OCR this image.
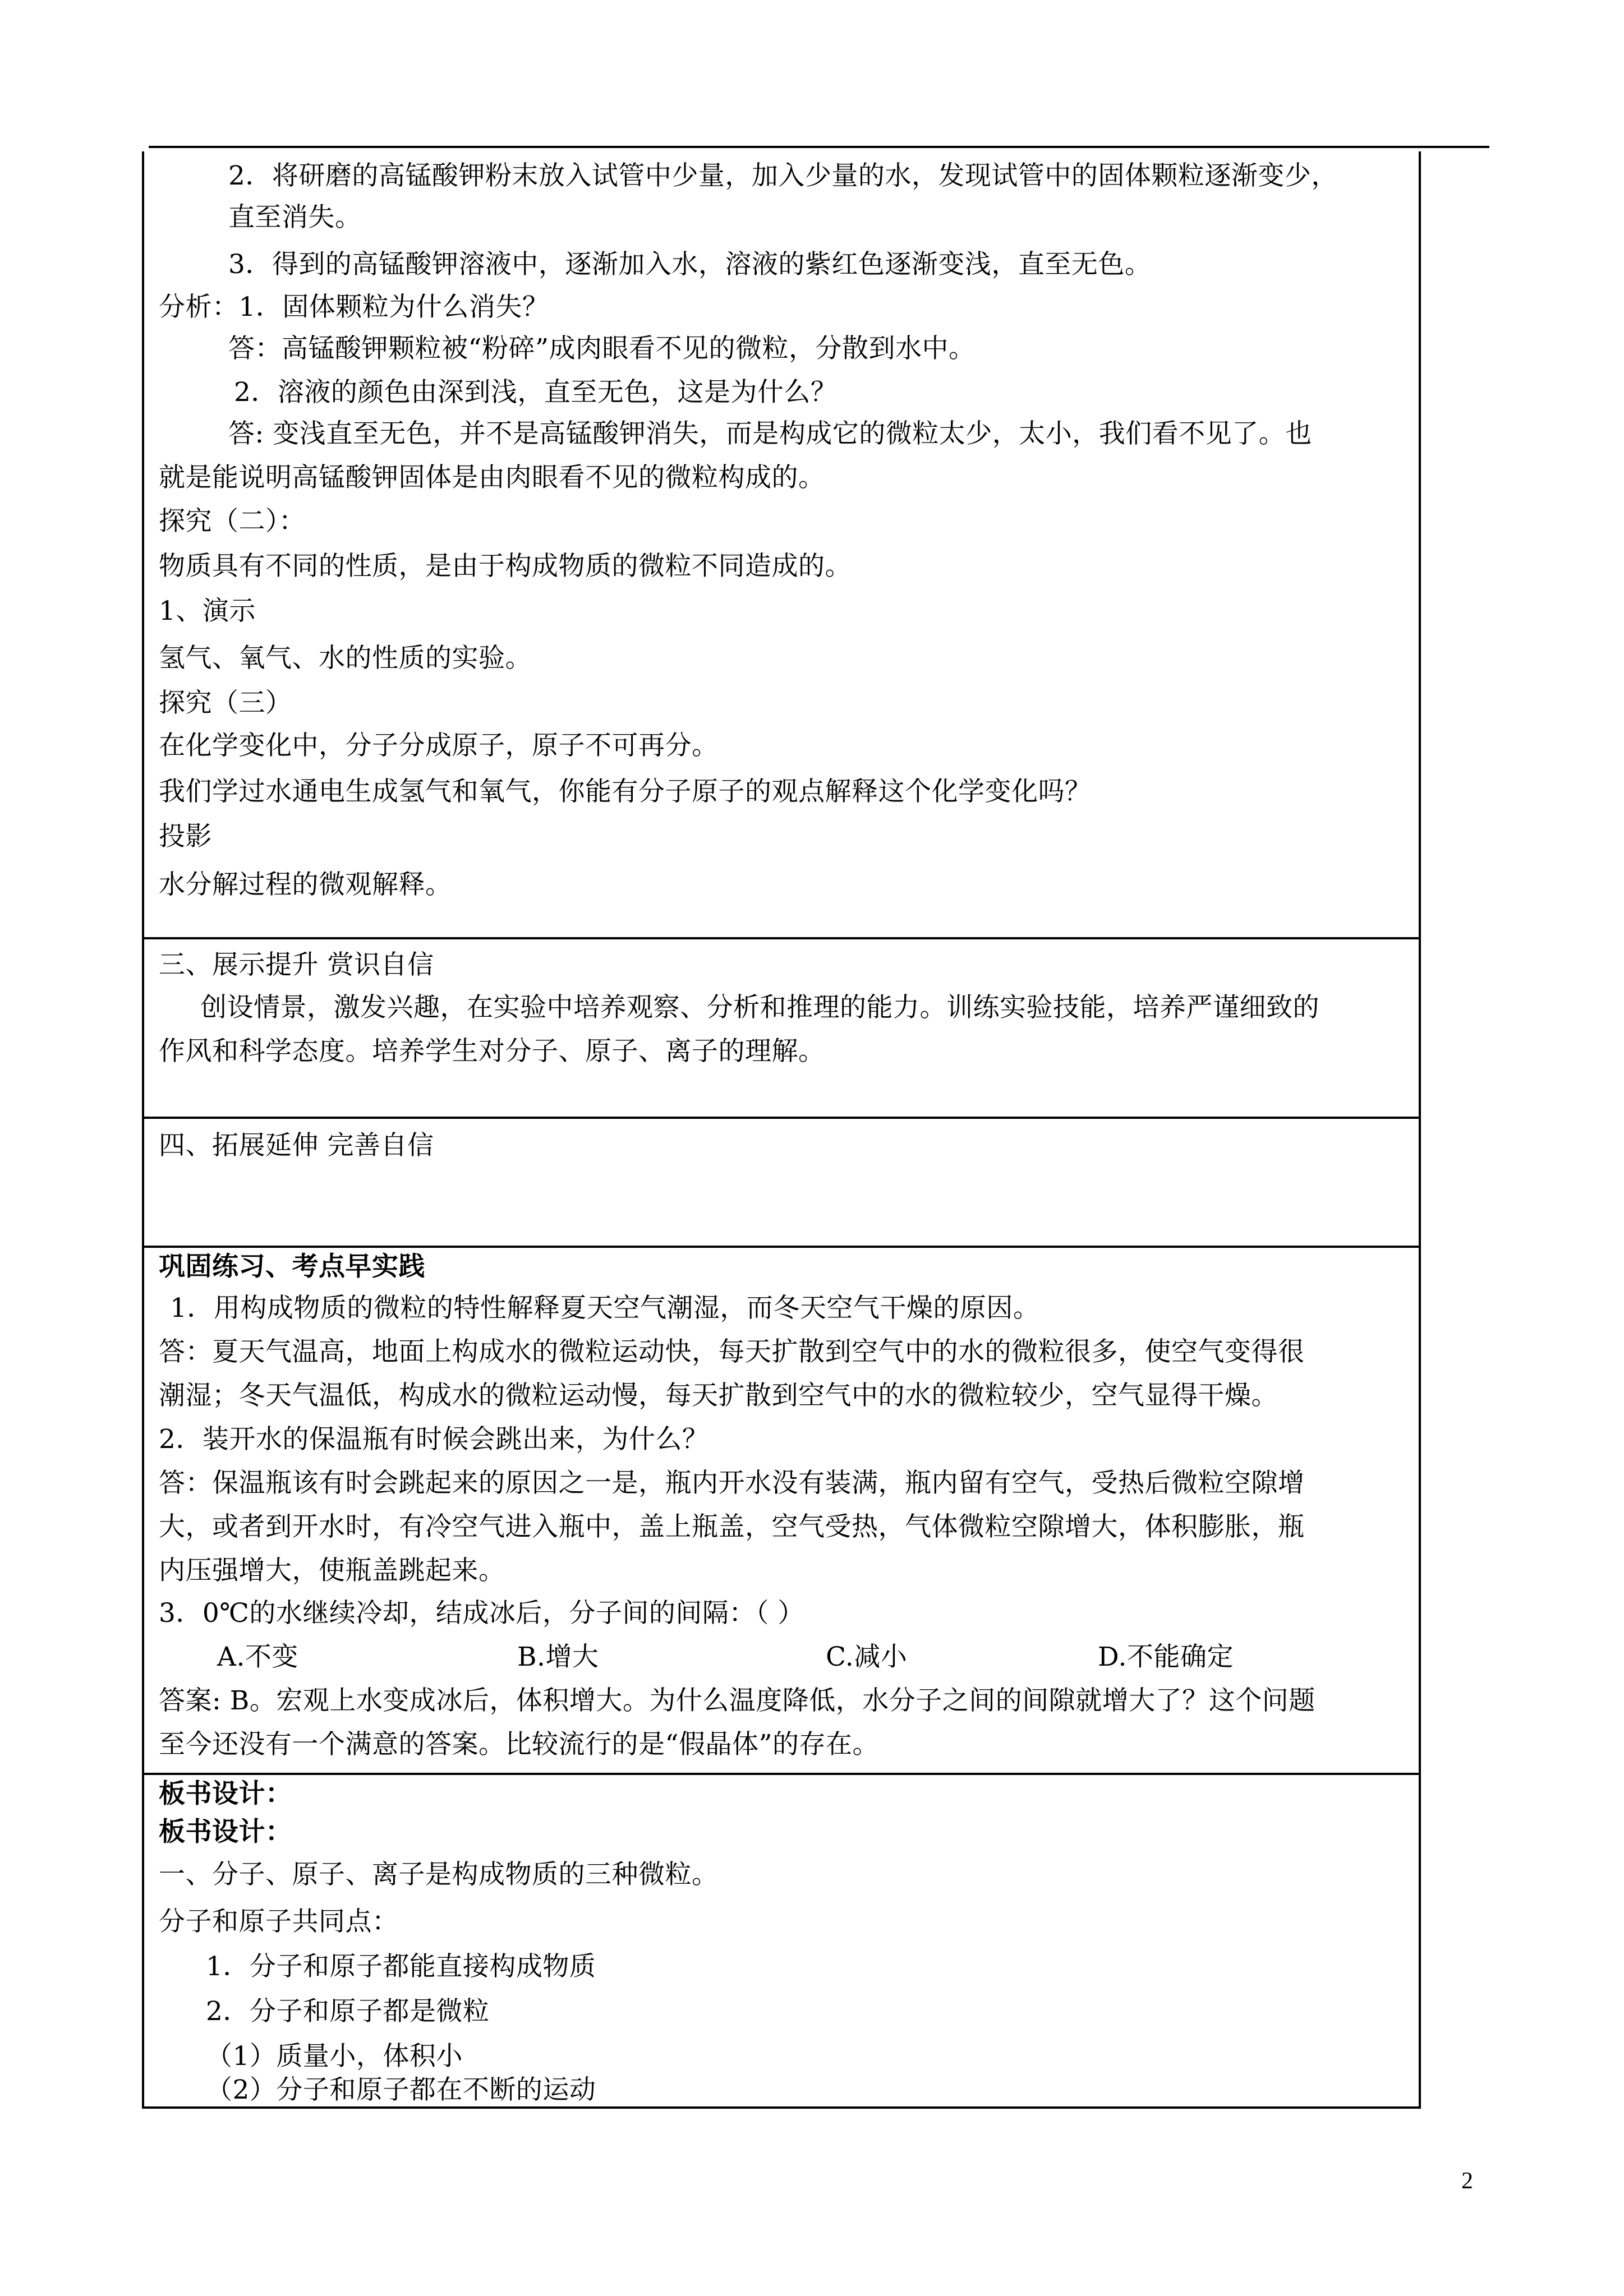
2．将研磨的高锰酸钾粉末放入试管中少量，加入少量的水，发现试管中的固体颗粒逐渐变少，
直至消失。
3．得到的高锰酸钾溶液中，逐渐加入水，溶液的紫红色逐渐变浅，直至无色。
分析：1．固体颗粒为什么消失？
答：高锰酸钾颗粒被“粉碎”成肉眼看不见的微粒，分散到水中。
2．溶液的颜色由深到浅，直至无色，这是为什么？
答: 变浅直至无色，并不是高锰酸钾消失，而是构成它的微粒太少，太小，我们看不见了。也
就是能说明高锰酸钾固体是由肉眼看不见的微粒构成的。
探究（二）：
物质具有不同的性质，是由于构成物质的微粒不同造成的。
1、演示
氢气、氧气、水的性质的实验。
探究（三）
在化学变化中，分子分成原子，原子不可再分。
我们学过水通电生成氢气和氧气，你能有分子原子的观点解释这个化学变化吗？
投影
水分解过程的微观解释。
三、展示提升 赏识自信
创设情景，激发兴趣，在实验中培养观察、分析和推理的能力。训练实验技能，培养严谨细致的
作风和科学态度。培养学生对分子、原子、离子的理解。
四、拓展延伸 完善自信
巩固练习、考点早实践
1．用构成物质的微粒的特性解释夏天空气潮湿，而冬天空气干燥的原因。
答：夏天气温高，地面上构成水的微粒运动快，每天扩散到空气中的水的微粒很多，使空气变得很
潮湿；冬天气温低，构成水的微粒运动慢，每天扩散到空气中的水的微粒较少，空气显得干燥。
2．装开水的保温瓶有时候会跳出来，为什么？
答：保温瓶该有时会跳起来的原因之一是，瓶内开水没有装满，瓶内留有空气，受热后微粒空隙增
大，或者到开水时，有冷空气进入瓶中，盖上瓶盖，空气受热，气体微粒空隙增大，体积膨胀，瓶
内压强增大，使瓶盖跳起来。
3．0℃的水继续冷却，结成冰后，分子间的间隔：（ ）
A.不变	B.增大	C.减小	D.不能确定
答案: B。宏观上水变成冰后，体积增大。为什么温度降低，水分子之间的间隙就增大了？这个问题
至今还没有一个满意的答案。比较流行的是“假晶体”的存在。
板书设计：
板书设计：
一、分子、原子、离子是构成物质的三种微粒。
分子和原子共同点：
1．分子和原子都能直接构成物质
2．分子和原子都是微粒
（1）质量小，体积小
（2）分子和原子都在不断的运动
2
